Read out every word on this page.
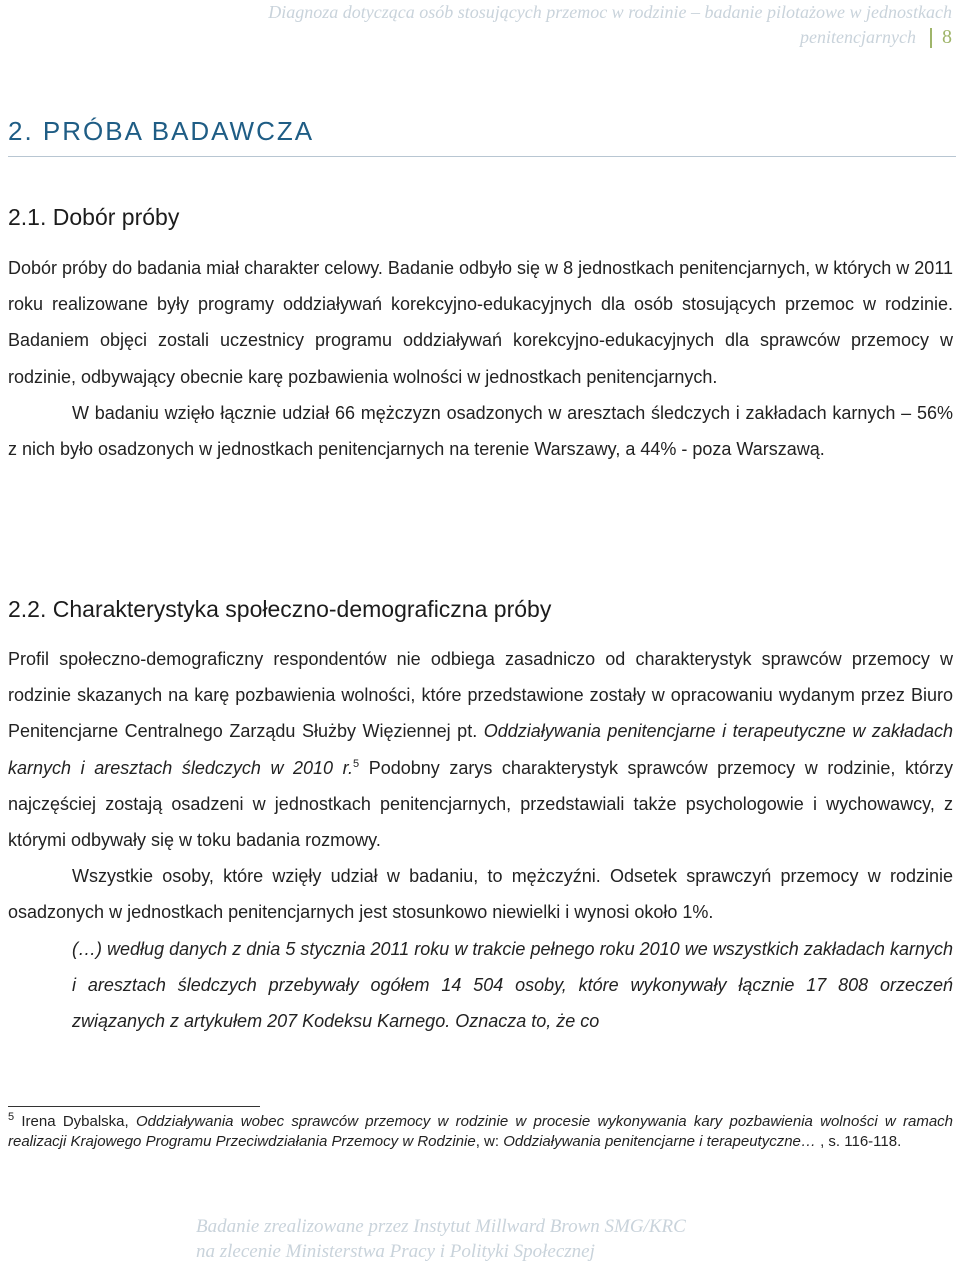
Diagnoza dotycząca osób stosujących przemoc w rodzinie – badanie pilotażowe w jednostkach
penitencjarnych 8
2. PRÓBA BADAWCZA
2.1. Dobór próby

Dobór próby do badania miał charakter celowy. Badanie odbyło się w 8 jednostkach penitencjarnych, w których w 2011 roku realizowane były programy oddziaływań korekcyjno-edukacyjnych dla osób stosujących przemoc w rodzinie. Badaniem objęci zostali uczestnicy programu oddziaływań korekcyjno-edukacyjnych dla sprawców przemocy w rodzinie, odbywający obecnie karę pozbawienia wolności w jednostkach penitencjarnych.

W badaniu wzięło łącznie udział 66 mężczyzn osadzonych w aresztach śledczych i zakładach karnych – 56% z nich było osadzonych w jednostkach penitencjarnych na terenie Warszawy, a 44% - poza Warszawą.

2.2. Charakterystyka społeczno-demograficzna próby

Profil społeczno-demograficzny respondentów nie odbiega zasadniczo od charakterystyk sprawców przemocy w rodzinie skazanych na karę pozbawienia wolności, które przedstawione zostały w opracowaniu wydanym przez Biuro Penitencjarne Centralnego Zarządu Służby Więziennej pt. Oddziaływania penitencjarne i terapeutyczne w zakładach karnych i aresztach śledczych w 2010 r.$^5$ Podobny zarys charakterystyk sprawców przemocy w rodzinie, którzy najczęściej zostają osadzeni w jednostkach penitencjarnych, przedstawiali także psychologowie i wychowawcy, z którymi odbywały się w toku badania rozmowy.

Wszystkie osoby, które wzięły udział w badaniu, to mężczyźni. Odsetek sprawczyń przemocy w rodzinie osadzonych w jednostkach penitencjarnych jest stosunkowo niewielki i wynosi około 1%.

(…) według danych z dnia 5 stycznia 2011 roku w trakcie pełnego roku 2010 we wszystkich zakładach karnych i aresztach śledczych przebywały ogółem 14 504 osoby, które wykonywały łącznie 17 808 orzeczeń związanych z artykułem 207 Kodeksu Karnego. Oznacza to, że co

$^5$ Irena Dybalska, Oddziaływania wobec sprawców przemocy w rodzinie w procesie wykonywania kary pozbawienia wolności w ramach realizacji Krajowego Programu Przeciwdziałania Przemocy w Rodzinie, w: Oddziaływania penitencjarne i terapeutyczne… , s. 116-118.
Badanie zrealizowane przez Instytut Millward Brown SMG/KRC
na zlecenie Ministerstwa Pracy i Polityki Społecznej
